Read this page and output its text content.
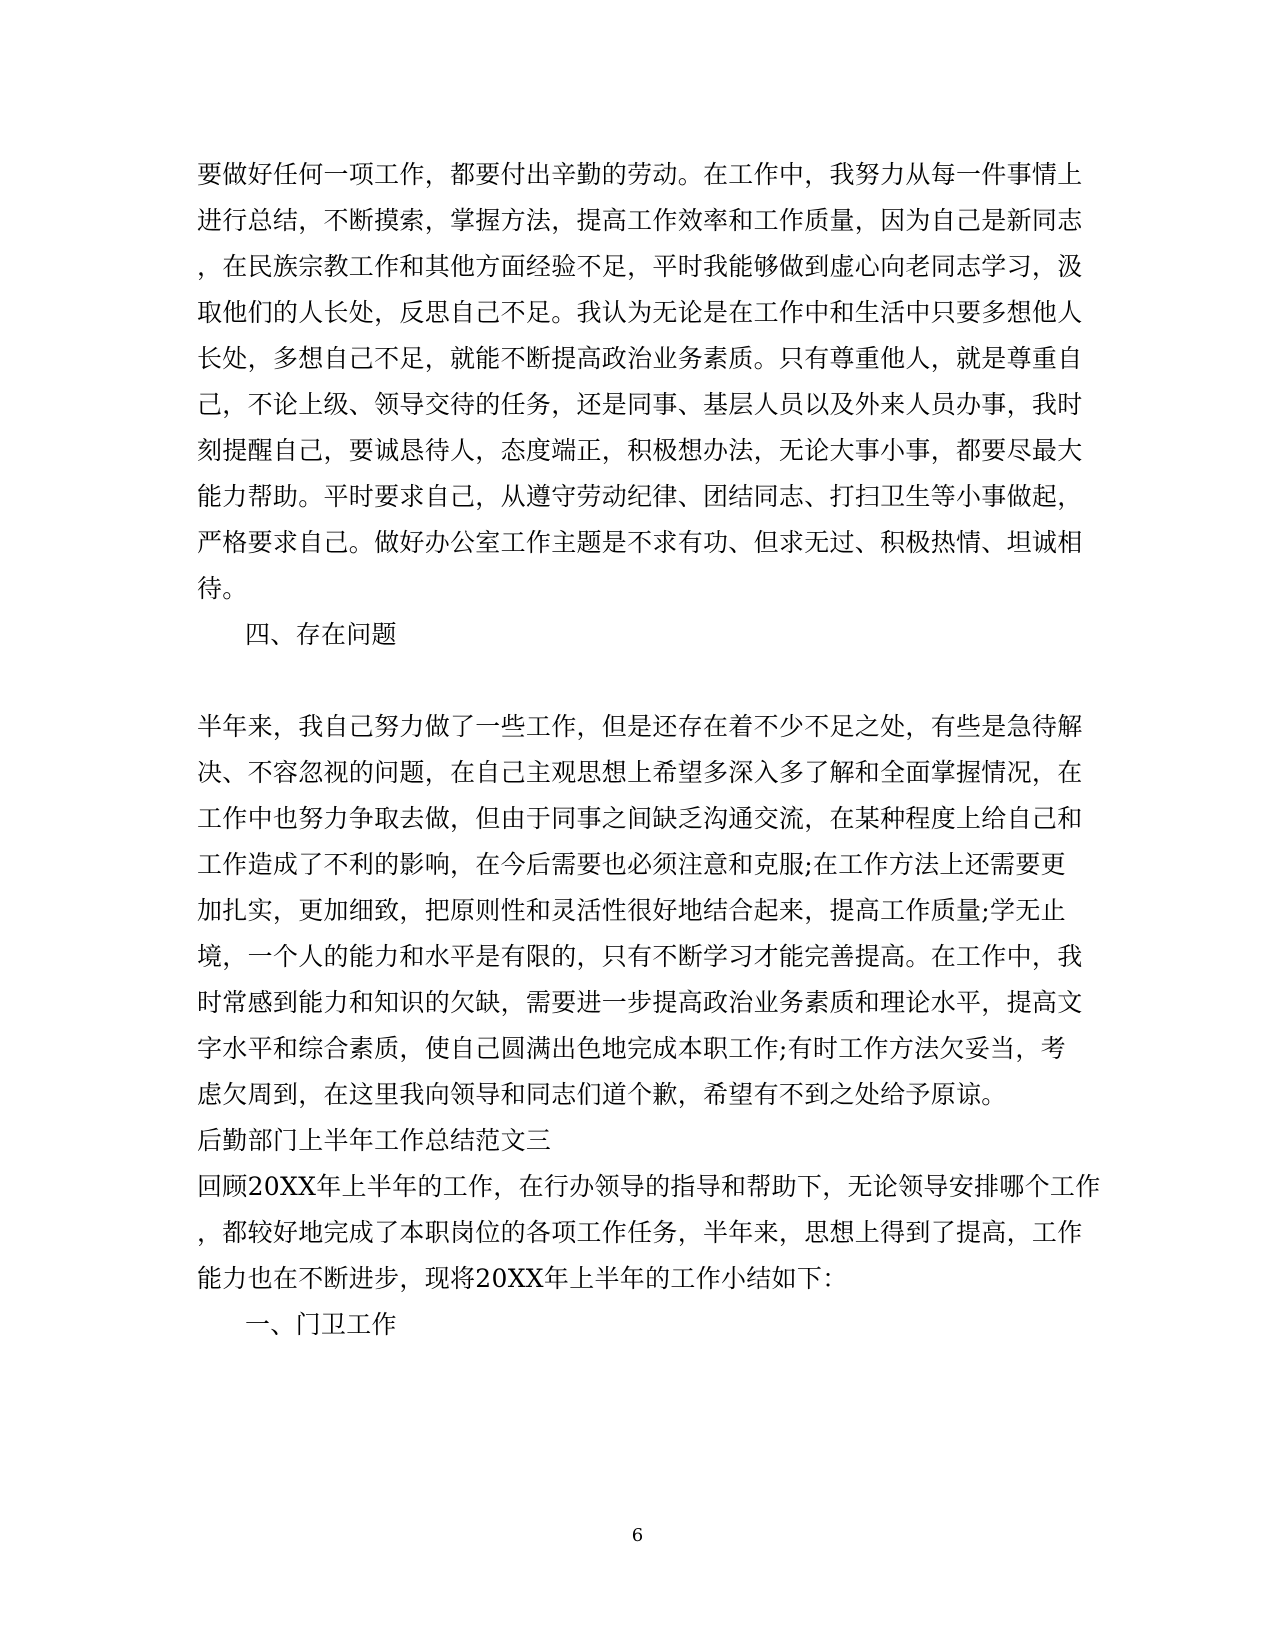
要做好任何一项工作，都要付出辛勤的劳动。在工作中，我努力从每一件事情上
进行总结，不断摸索，掌握方法，提高工作效率和工作质量，因为自己是新同志
，在民族宗教工作和其他方面经验不足，平时我能够做到虚心向老同志学习，汲
取他们的人长处，反思自己不足。我认为无论是在工作中和生活中只要多想他人
长处，多想自己不足，就能不断提高政治业务素质。只有尊重他人，就是尊重自
己，不论上级、领导交待的任务，还是同事、基层人员以及外来人员办事，我时
刻提醒自己，要诚恳待人，态度端正，积极想办法，无论大事小事，都要尽最大
能力帮助。平时要求自己，从遵守劳动纪律、团结同志、打扫卫生等小事做起，
严格要求自己。做好办公室工作主题是不求有功、但求无过、积极热情、坦诚相
待。
四、存在问题
半年来，我自己努力做了一些工作，但是还存在着不少不足之处，有些是急待解
决、不容忽视的问题，在自己主观思想上希望多深入多了解和全面掌握情况，在
工作中也努力争取去做，但由于同事之间缺乏沟通交流，在某种程度上给自己和
工作造成了不利的影响，在今后需要也必须注意和克服;在工作方法上还需要更
加扎实，更加细致，把原则性和灵活性很好地结合起来，提高工作质量;学无止
境，一个人的能力和水平是有限的，只有不断学习才能完善提高。在工作中，我
时常感到能力和知识的欠缺，需要进一步提高政治业务素质和理论水平，提高文
字水平和综合素质，使自己圆满出色地完成本职工作;有时工作方法欠妥当，考
虑欠周到，在这里我向领导和同志们道个歉，希望有不到之处给予原谅。
后勤部门上半年工作总结范文三
回顾20XX年上半年的工作，在行办领导的指导和帮助下，无论领导安排哪个工作
，都较好地完成了本职岗位的各项工作任务，半年来，思想上得到了提高，工作
能力也在不断进步，现将20XX年上半年的工作小结如下：
一、门卫工作
6
